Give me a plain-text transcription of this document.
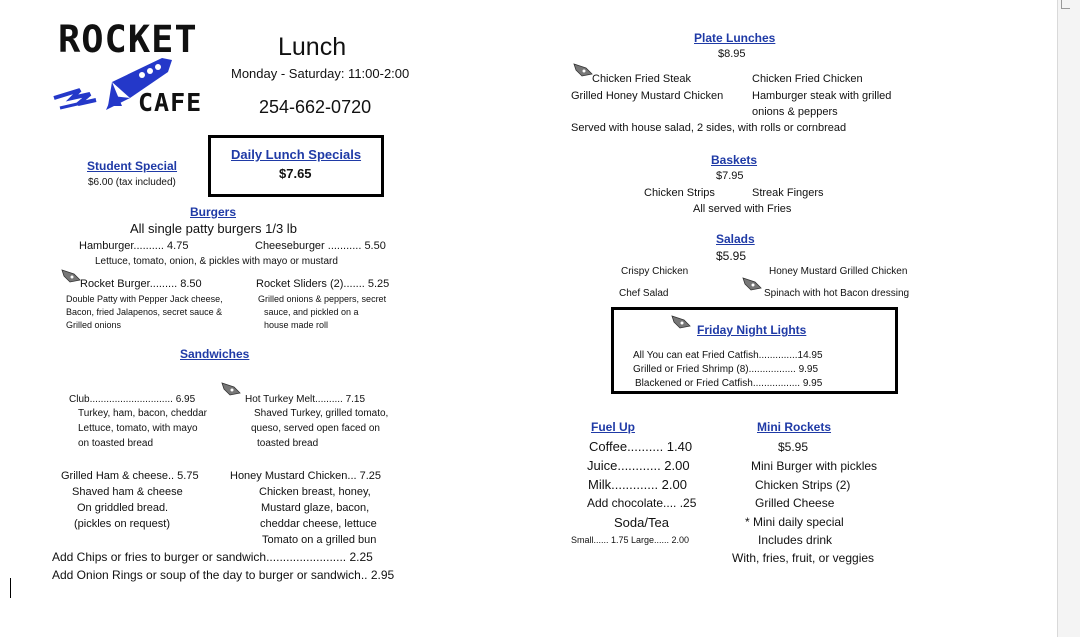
ROCKET
CAFE
Lunch
Monday - Saturday: 11:00-2:00
254-662-0720
Daily Lunch Specials
$7.65
Student Special
$6.00 (tax included)
Burgers
All single patty burgers 1/3 lb
Hamburger.......... 4.75	Cheeseburger ........... 5.50
Lettuce, tomato, onion, & pickles with mayo or mustard
Rocket Burger......... 8.50
Double Patty with Pepper Jack cheese,
Bacon, fried Jalapenos, secret sauce &
Grilled onions
Rocket Sliders (2)....... 5.25
Grilled onions & peppers, secret
sauce, and pickled on a
house made roll
Sandwiches
Club.............................. 6.95
Turkey, ham, bacon, cheddar
Lettuce, tomato, with mayo
on toasted bread
Hot Turkey Melt.......... 7.15
Shaved Turkey, grilled tomato,
queso, served open faced on
toasted bread
Grilled Ham & cheese.. 5.75
Shaved ham & cheese
On griddled bread.
(pickles on request)
Honey Mustard Chicken... 7.25
Chicken breast, honey,
Mustard glaze, bacon,
cheddar cheese, lettuce
Tomato on a grilled bun
Add Chips or fries to burger or sandwich........................ 2.25
Add Onion Rings or soup of the day to burger or sandwich.. 2.95
Plate Lunches
$8.95
Chicken Fried Steak	Chicken Fried Chicken
Grilled Honey Mustard Chicken	Hamburger steak with grilled
onions & peppers
Served with house salad, 2 sides, with rolls or cornbread
Baskets
$7.95
Chicken Strips	Streak Fingers
All served with Fries
Salads
$5.95
Crispy Chicken	Honey Mustard Grilled Chicken
Chef Salad	Spinach with hot Bacon dressing
Friday Night Lights
All You can eat Fried Catfish..............14.95
Grilled or Fried Shrimp (8)................. 9.95
Blackened or Fried Catfish................. 9.95
Fuel Up
Coffee.......... 1.40
Juice............ 2.00
Milk............. 2.00
Add chocolate.... .25
Soda/Tea
Small...... 1.75 Large...... 2.00
Mini Rockets
$5.95
Mini Burger with pickles
Chicken Strips (2)
Grilled Cheese
* Mini daily special
Includes drink
With, fries, fruit, or veggies
